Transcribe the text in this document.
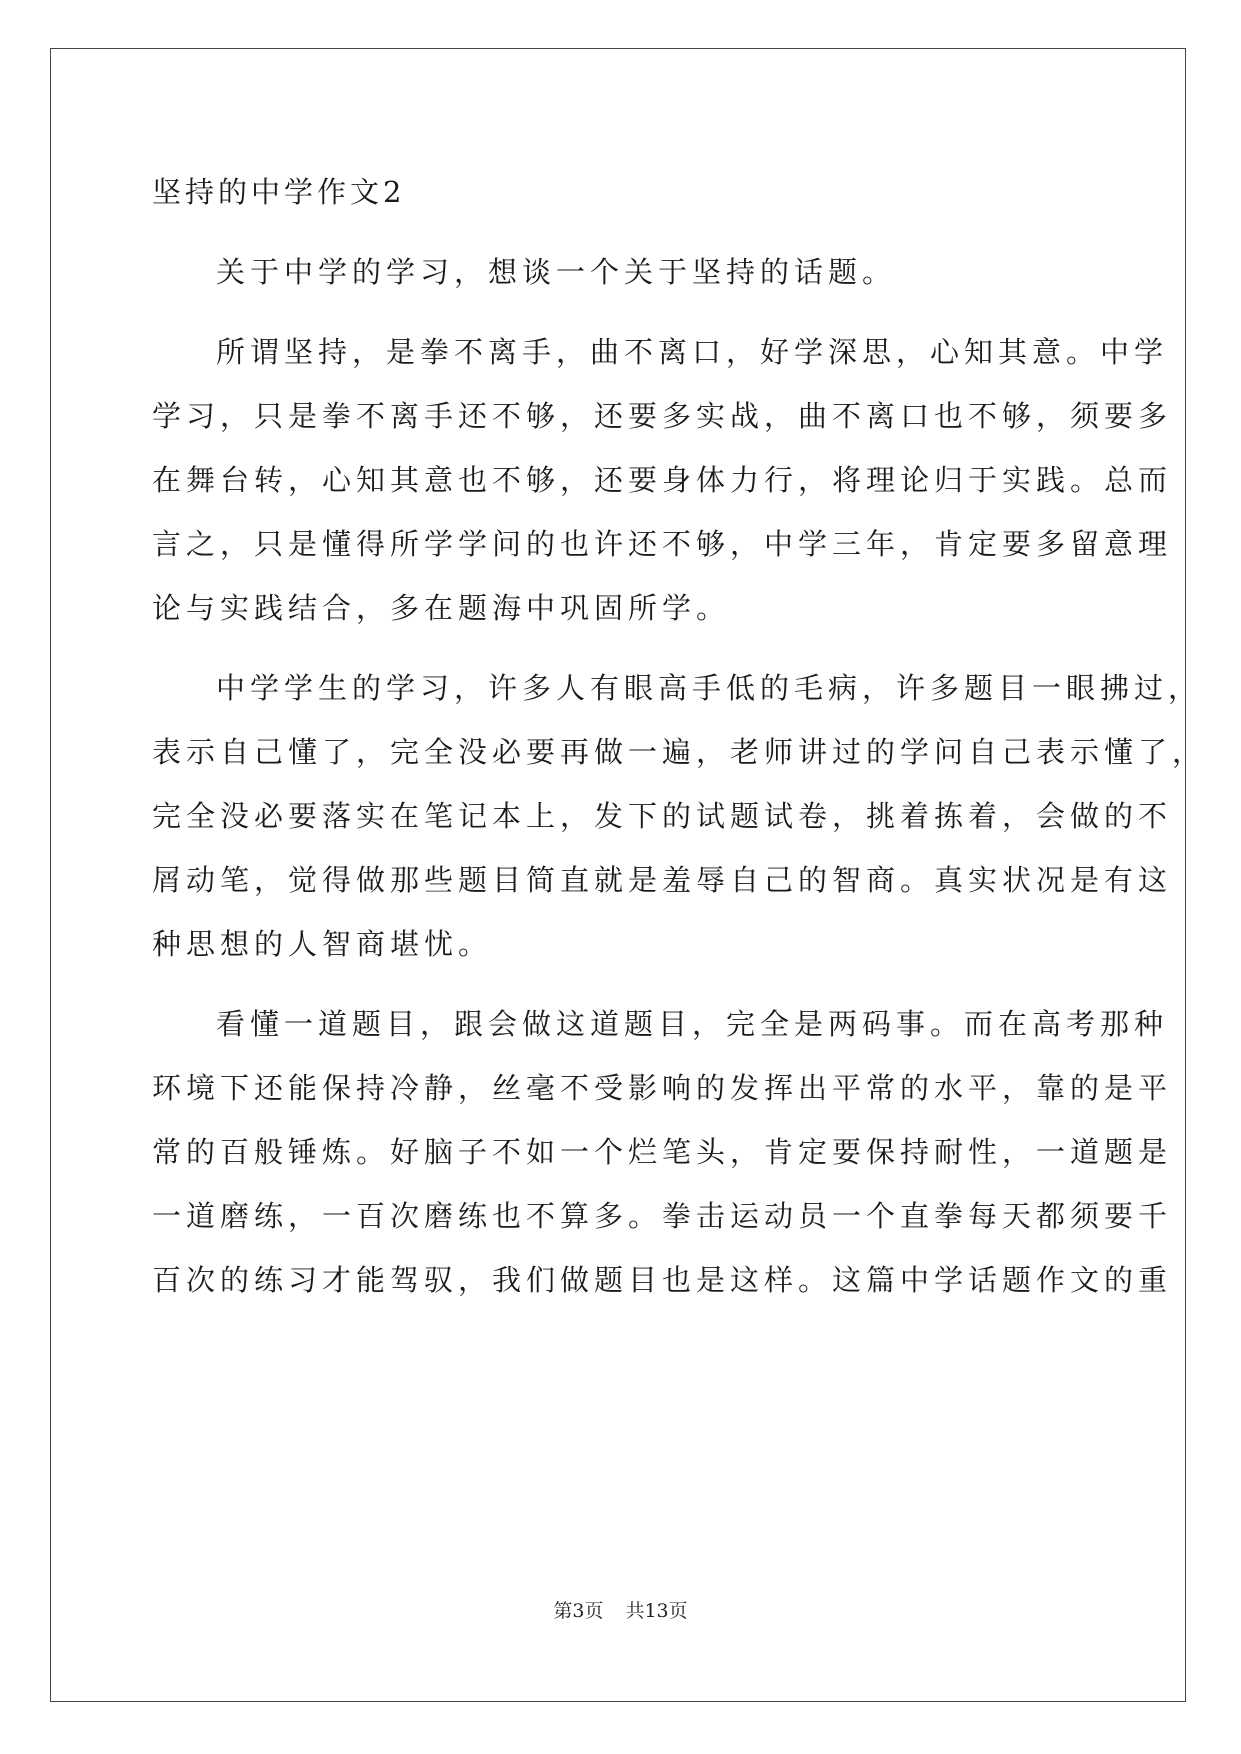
坚持的中学作文2
关于中学的学习，想谈一个关于坚持的话题。
所谓坚持，是拳不离手，曲不离口，好学深思，心知其意。中学
学习，只是拳不离手还不够，还要多实战，曲不离口也不够，须要多
在舞台转，心知其意也不够，还要身体力行，将理论归于实践。总而
言之，只是懂得所学学问的也许还不够，中学三年，肯定要多留意理
论与实践结合，多在题海中巩固所学。
中学学生的学习，许多人有眼高手低的毛病，许多题目一眼拂过，
表示自己懂了，完全没必要再做一遍，老师讲过的学问自己表示懂了，
完全没必要落实在笔记本上，发下的试题试卷，挑着拣着，会做的不
屑动笔，觉得做那些题目简直就是羞辱自己的智商。真实状况是有这
种思想的人智商堪忧。
看懂一道题目，跟会做这道题目，完全是两码事。而在高考那种
环境下还能保持冷静，丝毫不受影响的发挥出平常的水平，靠的是平
常的百般锤炼。好脑子不如一个烂笔头，肯定要保持耐性，一道题是
一道磨练，一百次磨练也不算多。拳击运动员一个直拳每天都须要千
百次的练习才能驾驭，我们做题目也是这样。这篇中学话题作文的重
第3页 共13页
